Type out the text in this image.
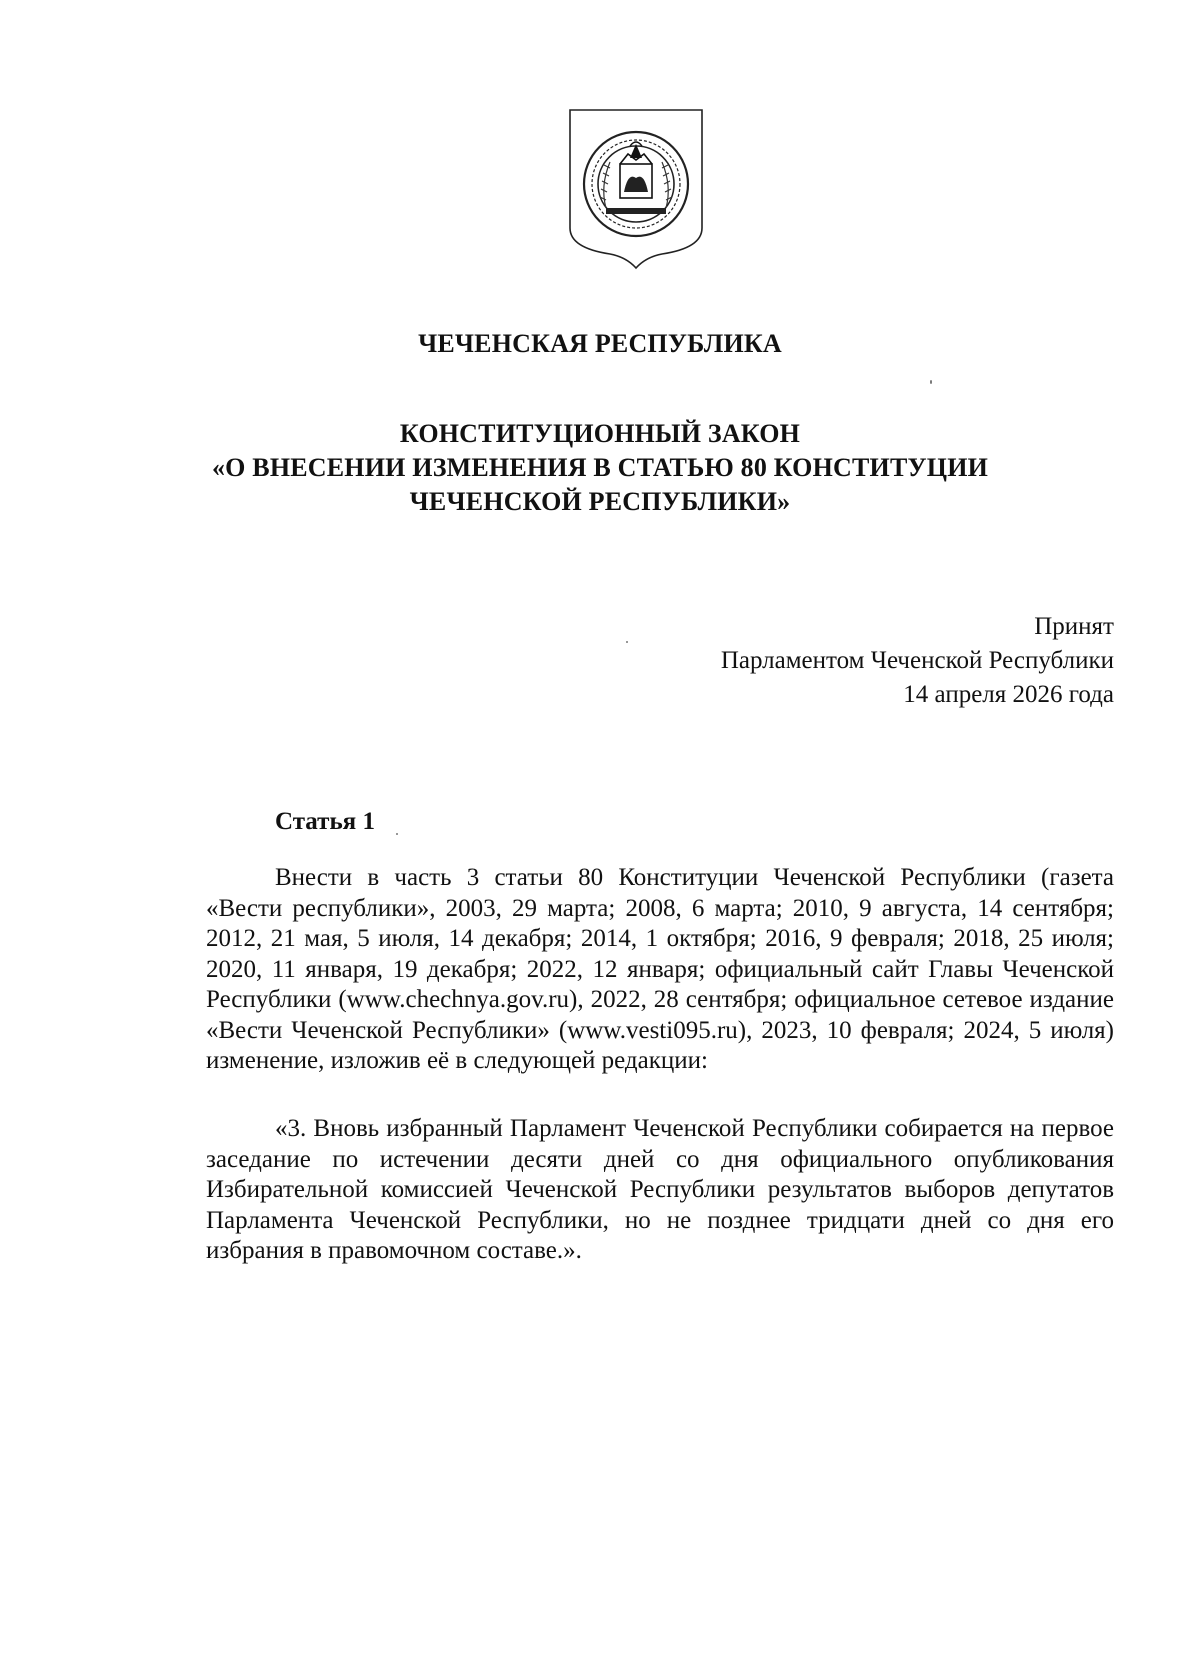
ЧЕЧЕНСКАЯ РЕСПУБЛИКА
КОНСТИТУЦИОННЫЙ ЗАКОН
«О ВНЕСЕНИИ ИЗМЕНЕНИЯ В СТАТЬЮ 80 КОНСТИТУЦИИ
ЧЕЧЕНСКОЙ РЕСПУБЛИКИ»
Принят
Парламентом Чеченской Республики
14 апреля 2026 года
Статья 1
Внести в часть 3 статьи 80 Конституции Чеченской Республики (газета «Вести республики», 2003, 29 марта; 2008, 6 марта; 2010, 9 августа, 14 сентября; 2012, 21 мая, 5 июля, 14 декабря; 2014, 1 октября; 2016, 9 февраля; 2018, 25 июля; 2020, 11 января, 19 декабря; 2022, 12 января; официальный сайт Главы Чеченской Республики (www.chechnya.gov.ru), 2022, 28 сентября; официальное сетевое издание «Вести Чеченской Республики» (www.vesti095.ru), 2023, 10 февраля; 2024, 5 июля) изменение, изложив её в следующей редакции:
«3. Вновь избранный Парламент Чеченской Республики собирается на первое заседание по истечении десяти дней со дня официального опубликования Избирательной комиссией Чеченской Республики результатов выборов депутатов Парламента Чеченской Республики, но не позднее тридцати дней со дня его избрания в правомочном составе.».
